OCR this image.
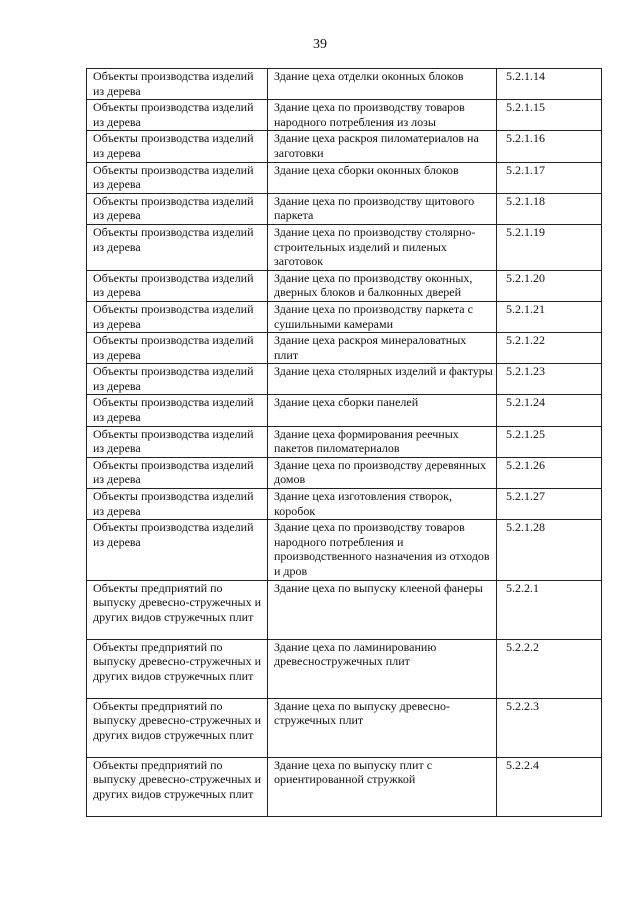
39
Объекты производства изделий из дерева	Здание цеха отделки оконных блоков	5.2.1.14
Объекты производства изделий из дерева	Здание цеха по производству товаров народного потребления из лозы	5.2.1.15
Объекты производства изделий из дерева	Здание цеха раскроя пиломатериалов на заготовки	5.2.1.16
Объекты производства изделий из дерева	Здание цеха сборки оконных блоков	5.2.1.17
Объекты производства изделий из дерева	Здание цеха по производству щитового паркета	5.2.1.18
Объекты производства изделий из дерева	Здание цеха по производству столярно-строительных изделий и пиленых заготовок	5.2.1.19
Объекты производства изделий из дерева	Здание цеха по производству оконных, дверных блоков и балконных дверей	5.2.1.20
Объекты производства изделий из дерева	Здание цеха по производству паркета с сушильными камерами	5.2.1.21
Объекты производства изделий из дерева	Здание цеха раскроя минераловатных плит	5.2.1.22
Объекты производства изделий из дерева	Здание цеха столярных изделий и фактуры	5.2.1.23
Объекты производства изделий из дерева	Здание цеха сборки панелей	5.2.1.24
Объекты производства изделий из дерева	Здание цеха формирования реечных пакетов пиломатериалов	5.2.1.25
Объекты производства изделий из дерева	Здание цеха по производству деревянных домов	5.2.1.26
Объекты производства изделий из дерева	Здание цеха изготовления створок, коробок	5.2.1.27
Объекты производства изделий из дерева	Здание цеха по производству товаров народного потребления и производственного назначения из отходов и дров	5.2.1.28
Объекты предприятий по выпуску древесно-стружечных и других видов стружечных плит	Здание цеха по выпуску клееной фанеры	5.2.2.1
Объекты предприятий по выпуску древесно-стружечных и других видов стружечных плит	Здание цеха по ламинированию древесностружечных плит	5.2.2.2
Объекты предприятий по выпуску древесно-стружечных и других видов стружечных плит	Здание цеха по выпуску древесно-стружечных плит	5.2.2.3
Объекты предприятий по выпуску древесно-стружечных и других видов стружечных плит	Здание цеха по выпуску плит с ориентированной стружкой	5.2.2.4
